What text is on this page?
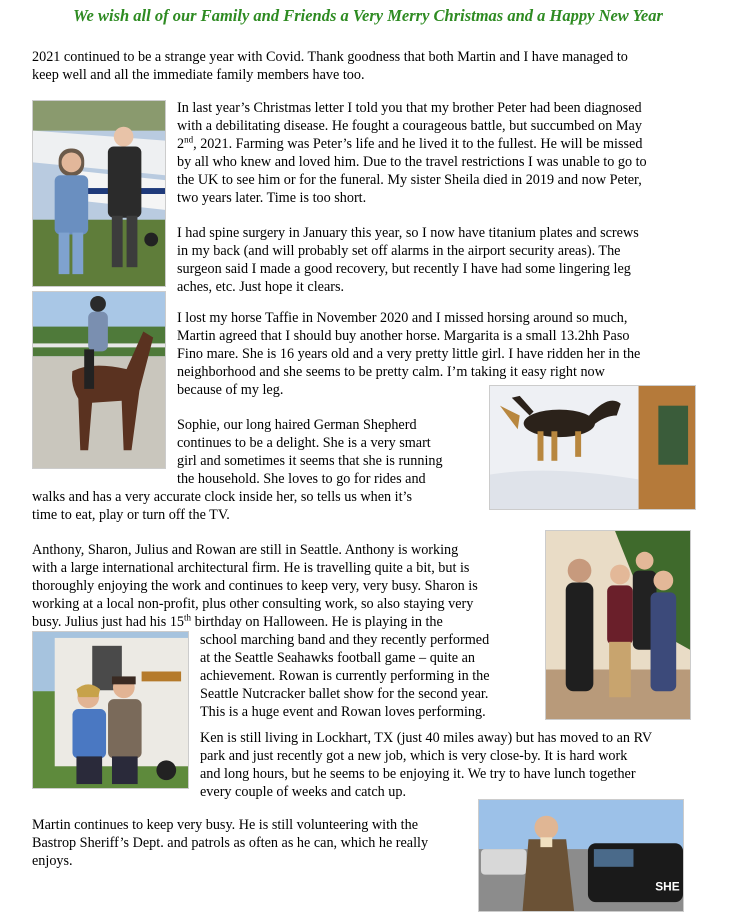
We wish all of our Family and Friends a Very Merry Christmas and a Happy New Year
2021 continued to be a strange year with Covid. Thank goodness that both Martin and I have managed to
keep well and all the immediate family members have too.
In last year’s Christmas letter I told you that my brother Peter had been diagnosed
with a debilitating disease. He fought a courageous battle, but succumbed on May
2nd, 2021. Farming was Peter’s life and he lived it to the fullest. He will be missed
by all who knew and loved him. Due to the travel restrictions I was unable to go to
the UK to see him or for the funeral. My sister Sheila died in 2019 and now Peter,
two years later. Time is too short.
I had spine surgery in January this year, so I now have titanium plates and screws
in my back (and will probably set off alarms in the airport security areas). The
surgeon said I made a good recovery, but recently I have had some lingering leg
aches, etc. Just hope it clears.
I lost my horse Taffie in November 2020 and I missed horsing around so much,
Martin agreed that I should buy another horse. Margarita is a small 13.2hh Paso
Fino mare. She is 16 years old and a very pretty little girl. I have ridden her in the
neighborhood and she seems to be pretty calm. I’m taking it easy right now
because of my leg.
Sophie, our long haired German Shepherd
continues to be a delight. She is a very smart
girl and sometimes it seems that she is running
the household. She loves to go for rides and
walks and has a very accurate clock inside her, so tells us when it’s
time to eat, play or turn off the TV.
Anthony, Sharon, Julius and Rowan are still in Seattle. Anthony is working
with a large international architectural firm. He is travelling quite a bit, but is
thoroughly enjoying the work and continues to keep very, very busy. Sharon is
working at a local non-profit, plus other consulting work, so also staying very
busy. Julius just had his 15th birthday on Halloween. He is playing in the
school marching band and they recently performed
at the Seattle Seahawks football game – quite an
achievement. Rowan is currently performing in the
Seattle Nutcracker ballet show for the second year.
This is a huge event and Rowan loves performing.
Ken is still living in Lockhart, TX (just 40 miles away) but has moved to an RV
park and just recently got a new job, which is very close-by. It is hard work
and long hours, but he seems to be enjoying it. We try to have lunch together
every couple of weeks and catch up.
Martin continues to keep very busy. He is still volunteering with the
Bastrop Sheriff’s Dept. and patrols as often as he can, which he really
enjoys.
SHE
